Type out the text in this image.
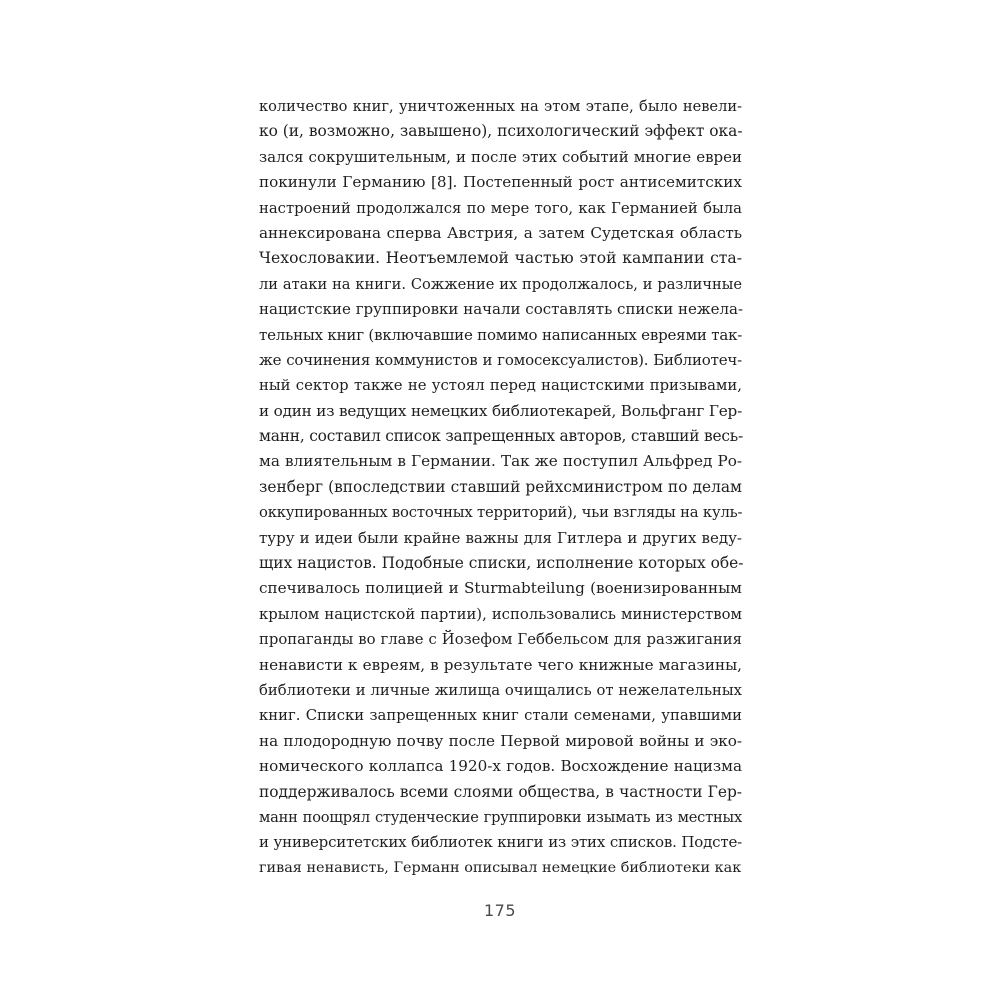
количество книг, уничтоженных на этом этапе, было невели-
ко (и, возможно, завышено), психологический эффект ока-
зался сокрушительным, и после этих событий многие евреи
покинули Германию [8]. Постепенный рост антисемитских
настроений продолжался по мере того, как Германией была
аннексирована сперва Австрия, а затем Судетская область
Чехословакии. Неотъемлемой частью этой кампании ста-
ли атаки на книги. Сожжение их продолжалось, и различные
нацистские группировки начали составлять списки нежела-
тельных книг (включавшие помимо написанных евреями так-
же сочинения коммунистов и гомосексуалистов). Библиотеч-
ный сектор также не устоял перед нацистскими призывами,
и один из ведущих немецких библиотекарей, Вольфганг Гер-
манн, составил список запрещенных авторов, ставший весь-
ма влиятельным в Германии. Так же поступил Альфред Ро-
зенберг (впоследствии ставший рейхсминистром по делам
оккупированных восточных территорий), чьи взгляды на куль-
туру и идеи были крайне важны для Гитлера и других веду-
щих нацистов. Подобные списки, исполнение которых обе-
спечивалось полицией и Sturmabteilung (военизированным
крылом нацистской партии), использовались министерством
пропаганды во главе с Йозефом Геббельсом для разжигания
ненависти к евреям, в результате чего книжные магазины,
библиотеки и личные жилища очищались от нежелательных
книг. Списки запрещенных книг стали семенами, упавшими
на плодородную почву после Первой мировой войны и эко-
номического коллапса 1920-х годов. Восхождение нацизма
поддерживалось всеми слоями общества, в частности Гер-
манн поощрял студенческие группировки изымать из местных
и университетских библиотек книги из этих списков. Подсте-
гивая ненависть, Германн описывал немецкие библиотеки как
175
